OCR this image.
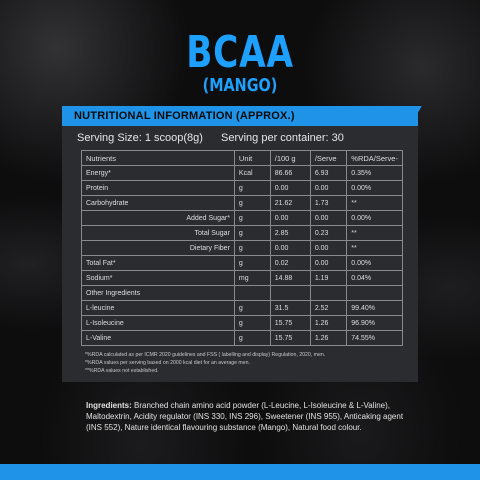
BCAA
(MANGO)
NUTRITIONAL INFORMATION (APPROX.)
Serving Size: 1 scoop(8g) Serving per container: 30
Nutrients	Unit	/100 g	/Serve	%RDA/Serve-
Energy*	Kcal	86.66	6.93	0.35%
Protein	g	0.00	0.00	0.00%
Carbohydrate	g	21.62	1.73	**
Added Sugar*	g	0.00	0.00	0.00%
Total Sugar	g	2.85	0.23	**
Dietary Fiber	g	0.00	0.00	**
Total Fat*	g	0.02	0.00	0.00%
Sodium*	mg	14.88	1.19	0.04%
Other Ingredients				
L-leucine	g	31.5	2.52	99.40%
L-Isoleucine	g	15.75	1.26	96.90%
L-Valine	g	15.75	1.26	74.55%
*%RDA calculated as per ICMR 2020 guidelines and FSS ( labelling and display) Regulation, 2020, men.
*%RDA values per serving based on 2000 kcal diet for an average men.
**%RDA values not established.
Ingredients: Branched chain amino acid powder (L-Leucine, L-Isoleucine & L-Valine), Maltodextrin, Acidity regulator (INS 330, INS 296), Sweetener (INS 955), Anticaking agent (INS 552), Nature identical flavouring substance (Mango), Natural food colour.
